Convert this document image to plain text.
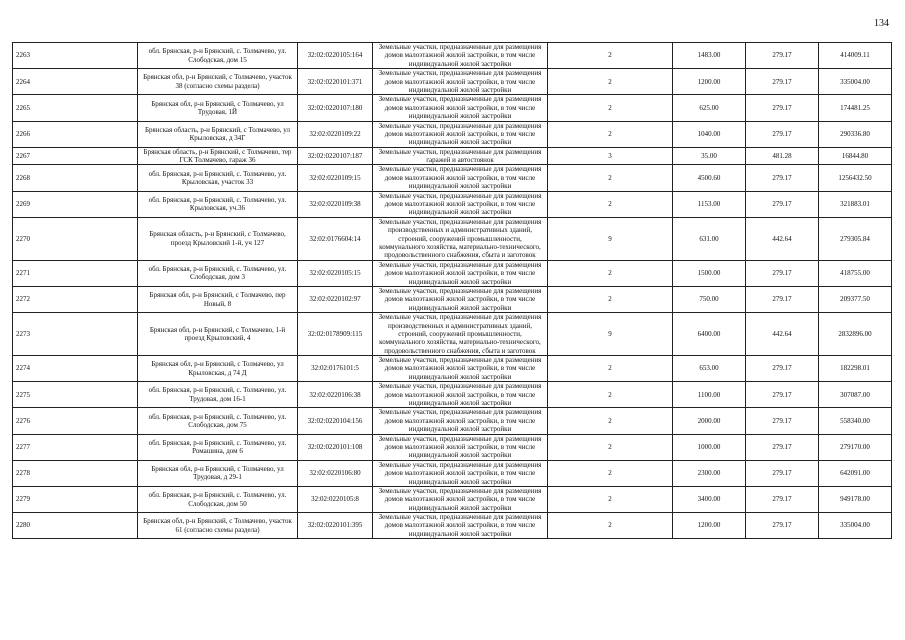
134
2263	обл. Брянская, р-н Брянский, с. Толмачево, ул. Слободская, дом 15	32:02:0220105:164	Земельные участки, предназначенные для размещения домов малоэтажной жилой застройки, в том числе индивидуальной жилой застройки	2	1483.00	279.17	414009.11
2264	Брянская обл, р-н Брянский, с Толмачево, участок 38 (согласно схемы раздела)	32:02:0220101:371	Земельные участки, предназначенные для размещения домов малоэтажной жилой застройки, в том числе индивидуальной жилой застройки	2	1200.00	279.17	335004.00
2265	Брянская обл, р-н Брянский, с Толмачево, ул Трудовая, 1Й	32:02:0220107:180	Земельные участки, предназначенные для размещения домов малоэтажной жилой застройки, в том числе индивидуальной жилой застройки	2	625.00	279.17	174481.25
2266	Брянская область, р-н Брянский, с Толмачево, ул Крыловская, д 34Г	32:02:0220109:22	Земельные участки, предназначенные для размещения домов малоэтажной жилой застройки, в том числе индивидуальной жилой застройки	2	1040.00	279.17	290336.80
2267	Брянская область, р-н Брянский, с Толмачево, тер ГСК Толмачево, гараж 36	32:02:0220107:187	Земельные участки, предназначенные для размещения гаражей и автостоянок	3	35.00	481.28	16844.80
2268	обл. Брянская, р-н Брянский, с. Толмачево, ул. Крыловская, участок 33	32:02:0220109:15	Земельные участки, предназначенные для размещения домов малоэтажной жилой застройки, в том числе индивидуальной жилой застройки	2	4500.60	279.17	1256432.50
2269	обл. Брянская, р-н Брянский, с. Толмачево, ул. Крыловская, уч.36	32:02:0220109:38	Земельные участки, предназначенные для размещения домов малоэтажной жилой застройки, в том числе индивидуальной жилой застройки	2	1153.00	279.17	321883.01
2270	Брянская область, р-н Брянский, с Толмачево, проезд Крыловский 1-й, уч 127	32:02:0176604:14	Земельные участки, предназначенные для размещения производственных и административных зданий, строений, сооружений промышленности, коммунального хозяйства, материально-технического, продовольственного снабжения, сбыта и заготовок	9	631.00	442.64	279305.84
2271	обл. Брянская, р-н Брянский, с. Толмачево, ул. Слободская, дом 3	32:02:0220105:15	Земельные участки, предназначенные для размещения домов малоэтажной жилой застройки, в том числе индивидуальной жилой застройки	2	1500.00	279.17	418755.00
2272	Брянская обл, р-н Брянский, с Толмачево, пер Новый, 8	32:02:0220102:97	Земельные участки, предназначенные для размещения домов малоэтажной жилой застройки, в том числе индивидуальной жилой застройки	2	750.00	279.17	209377.50
2273	Брянская обл, р-н Брянский, с Толмачево, 1-й проезд Крыловский, 4	32:02:0178909:115	Земельные участки, предназначенные для размещения производственных и административных зданий, строений, сооружений промышленности, коммунального хозяйства, материально-технического, продовольственного снабжения, сбыта и заготовок	9	6400.00	442.64	2832896.00
2274	Брянская обл, р-н Брянский, с Толмачево, ул Крыловская, д 74 Д	32:02:0176101:5	Земельные участки, предназначенные для размещения домов малоэтажной жилой застройки, в том числе индивидуальной жилой застройки	2	653.00	279.17	182298.01
2275	обл. Брянская, р-н Брянский, с. Толмачево, ул. Трудовая, дом 16-1	32:02:0220106:38	Земельные участки, предназначенные для размещения домов малоэтажной жилой застройки, в том числе индивидуальной жилой застройки	2	1100.00	279.17	307087.00
2276	обл. Брянская, р-н Брянский, с. Толмачево, ул. Слободская, дом 75	32:02:0220104:156	Земельные участки, предназначенные для размещения домов малоэтажной жилой застройки, в том числе индивидуальной жилой застройки	2	2000.00	279.17	558340.00
2277	обл. Брянская, р-н Брянский, с. Толмачево, ул. Ромашина, дом 6	32:02:0220101:108	Земельные участки, предназначенные для размещения домов малоэтажной жилой застройки, в том числе индивидуальной жилой застройки	2	1000.00	279.17	279170.00
2278	Брянская обл, р-н Брянский, с Толмачево, ул Трудовая, д 29-1	32:02:0220106:80	Земельные участки, предназначенные для размещения домов малоэтажной жилой застройки, в том числе индивидуальной жилой застройки	2	2300.00	279.17	642091.00
2279	обл. Брянская, р-н Брянский, с. Толмачево, ул. Слободская, дом 50	32:02:0220105:8	Земельные участки, предназначенные для размещения домов малоэтажной жилой застройки, в том числе индивидуальной жилой застройки	2	3400.00	279.17	949178.00
2280	Брянская обл, р-н Брянский, с Толмачево, участок 61 (согласно схемы раздела)	32:02:0220101:395	Земельные участки, предназначенные для размещения домов малоэтажной жилой застройки, в том числе индивидуальной жилой застройки	2	1200.00	279.17	335004.00
